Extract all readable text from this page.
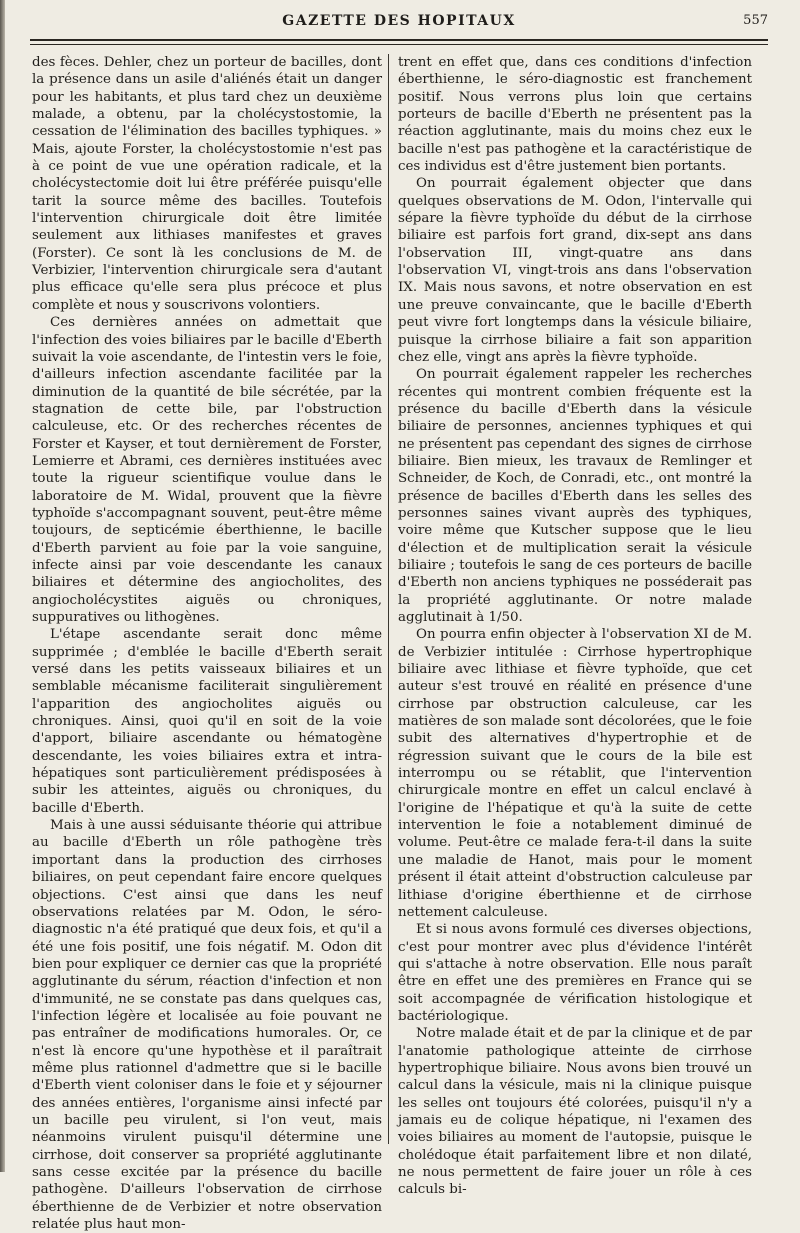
GAZETTE DES HOPITAUX	557

des fèces. Dehler, chez un porteur de bacilles, dont la présence dans un asile d'aliénés était un danger pour les habitants, et plus tard chez un deuxième malade, a obtenu, par la cholécystostomie, la cessation de l'élimination des bacilles typhiques. » Mais, ajoute Forster, la cholécystostomie n'est pas à ce point de vue une opération radicale, et la cholécystectomie doit lui être préférée puisqu'elle tarit la source même des bacilles. Toutefois l'intervention chirurgicale doit être limitée seulement aux lithiases manifestes et graves (Forster). Ce sont là les conclusions de M. de Verbizier, l'intervention chirurgicale sera d'autant plus efficace qu'elle sera plus précoce et plus complète et nous y souscrivons volontiers.

Ces dernières années on admettait que l'infection des voies biliaires par le bacille d'Eberth suivait la voie ascendante, de l'intestin vers le foie, d'ailleurs infection ascendante facilitée par la diminution de la quantité de bile sécrétée, par la stagnation de cette bile, par l'obstruction calculeuse, etc. Or des recherches récentes de Forster et Kayser, et tout dernièrement de Forster, Lemierre et Abrami, ces dernières instituées avec toute la rigueur scientifique voulue dans le laboratoire de M. Widal, prouvent que la fièvre typhoïde s'accompagnant souvent, peut-être même toujours, de septicémie éberthienne, le bacille d'Eberth parvient au foie par la voie sanguine, infecte ainsi par voie descendante les canaux biliaires et détermine des angiocholites, des angiocholécystites aiguës ou chroniques, suppuratives ou lithogènes.

L'étape ascendante serait donc même supprimée ; d'emblée le bacille d'Eberth serait versé dans les petits vaisseaux biliaires et un semblable mécanisme faciliterait singulièrement l'apparition des angiocholites aiguës ou chroniques. Ainsi, quoi qu'il en soit de la voie d'apport, biliaire ascendante ou hématogène descendante, les voies biliaires extra et intra-hépatiques sont particulièrement prédisposées à subir les atteintes, aiguës ou chroniques, du bacille d'Eberth.

Mais à une aussi séduisante théorie qui attribue au bacille d'Eberth un rôle pathogène très important dans la production des cirrhoses biliaires, on peut cependant faire encore quelques objections. C'est ainsi que dans les neuf observations relatées par M. Odon, le séro-diagnostic n'a été pratiqué que deux fois, et qu'il a été une fois positif, une fois négatif. M. Odon dit bien pour expliquer ce dernier cas que la propriété agglutinante du sérum, réaction d'infection et non d'immunité, ne se constate pas dans quelques cas, l'infection légère et localisée au foie pouvant ne pas entraîner de modifications humorales. Or, ce n'est là encore qu'une hypothèse et il paraîtrait même plus rationnel d'admettre que si le bacille d'Eberth vient coloniser dans le foie et y séjourner des années entières, l'organisme ainsi infecté par un bacille peu virulent, si l'on veut, mais néanmoins virulent puisqu'il détermine une cirrhose, doit conserver sa propriété agglutinante sans cesse excitée par la présence du bacille pathogène. D'ailleurs l'observation de cirrhose éberthienne de de Verbizier et notre observation relatée plus haut mon-

trent en effet que, dans ces conditions d'infection éberthienne, le séro-diagnostic est franchement positif. Nous verrons plus loin que certains porteurs de bacille d'Eberth ne présentent pas la réaction agglutinante, mais du moins chez eux le bacille n'est pas pathogène et la caractéristique de ces individus est d'être justement bien portants.

On pourrait également objecter que dans quelques observations de M. Odon, l'intervalle qui sépare la fièvre typhoïde du début de la cirrhose biliaire est parfois fort grand, dix-sept ans dans l'observation III, vingt-quatre ans dans l'observation VI, vingt-trois ans dans l'observation IX. Mais nous savons, et notre observation en est une preuve convaincante, que le bacille d'Eberth peut vivre fort longtemps dans la vésicule biliaire, puisque la cirrhose biliaire a fait son apparition chez elle, vingt ans après la fièvre typhoïde.

On pourrait également rappeler les recherches récentes qui montrent combien fréquente est la présence du bacille d'Eberth dans la vésicule biliaire de personnes, anciennes typhiques et qui ne présentent pas cependant des signes de cirrhose biliaire. Bien mieux, les travaux de Remlinger et Schneider, de Koch, de Conradi, etc., ont montré la présence de bacilles d'Eberth dans les selles des personnes saines vivant auprès des typhiques, voire même que Kutscher suppose que le lieu d'élection et de multiplication serait la vésicule biliaire ; toutefois le sang de ces porteurs de bacille d'Eberth non anciens typhiques ne posséderait pas la propriété agglutinante. Or notre malade agglutinait à 1/50.

On pourra enfin objecter à l'observation XI de M. de Verbizier intitulée : Cirrhose hypertrophique biliaire avec lithiase et fièvre typhoïde, que cet auteur s'est trouvé en réalité en présence d'une cirrhose par obstruction calculeuse, car les matières de son malade sont décolorées, que le foie subit des alternatives d'hypertrophie et de régression suivant que le cours de la bile est interrompu ou se rétablit, que l'intervention chirurgicale montre en effet un calcul enclavé à l'origine de l'hépatique et qu'à la suite de cette intervention le foie a notablement diminué de volume. Peut-être ce malade fera-t-il dans la suite une maladie de Hanot, mais pour le moment présent il était atteint d'obstruction calculeuse par lithiase d'origine éberthienne et de cirrhose nettement calculeuse.

Et si nous avons formulé ces diverses objections, c'est pour montrer avec plus d'évidence l'intérêt qui s'attache à notre observation. Elle nous paraît être en effet une des premières en France qui se soit accompagnée de vérification histologique et bactériologique.

Notre malade était et de par la clinique et de par l'anatomie pathologique atteinte de cirrhose hypertrophique biliaire. Nous avons bien trouvé un calcul dans la vésicule, mais ni la clinique puisque les selles ont toujours été colorées, puisqu'il n'y a jamais eu de colique hépatique, ni l'examen des voies biliaires au moment de l'autopsie, puisque le cholédoque était parfaitement libre et non dilaté, ne nous permettent de faire jouer un rôle à ces calculs bi-
